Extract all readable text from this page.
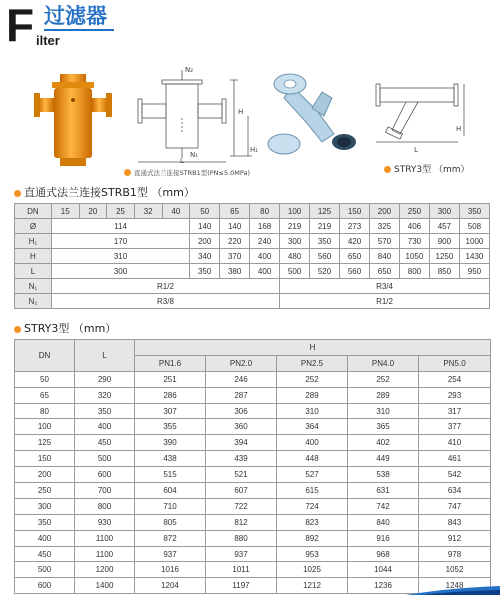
F 过滤器
ilter
N₂
N₁
H
H₁
L
H
L
直通式法兰连接STRB1型(PN≤5.0MPa)	STRY3型 （mm）
直通式法兰连接STRB1型 （mm）
DN	15	20	25	32	40	50	65	80	100	125	150	200	250	300	350
Ø	114					140	140	168	219	219	273	325	406	457	508
H₁	170					200	220	240	300	350	420	570	730	900	1000
H	310					340	370	400	480	560	650	840	1050	1250	1430
L	300					350	380	400	500	520	560	650	800	850	950
N₁	R1/2								R3/4						
N₂	R3/8								R1/2						
STRY3型 （mm）
DN	L	H				
		PN1.6	PN2.0	PN2.5	PN4.0	PN5.0
50	290	251	246	252	252	254
65	320	286	287	289	289	293
80	350	307	306	310	310	317
100	400	355	360	364	365	377
125	450	390	394	400	402	410
150	500	438	439	448	449	461
200	600	515	521	527	538	542
250	700	604	607	615	631	634
300	800	710	722	724	742	747
350	930	805	812	823	840	843
400	1100	872	880	892	916	912
450	1100	937	937	953	968	978
500	1200	1016	1011	1025	1044	1052
600	1400	1204	1197	1212	1236	1248
